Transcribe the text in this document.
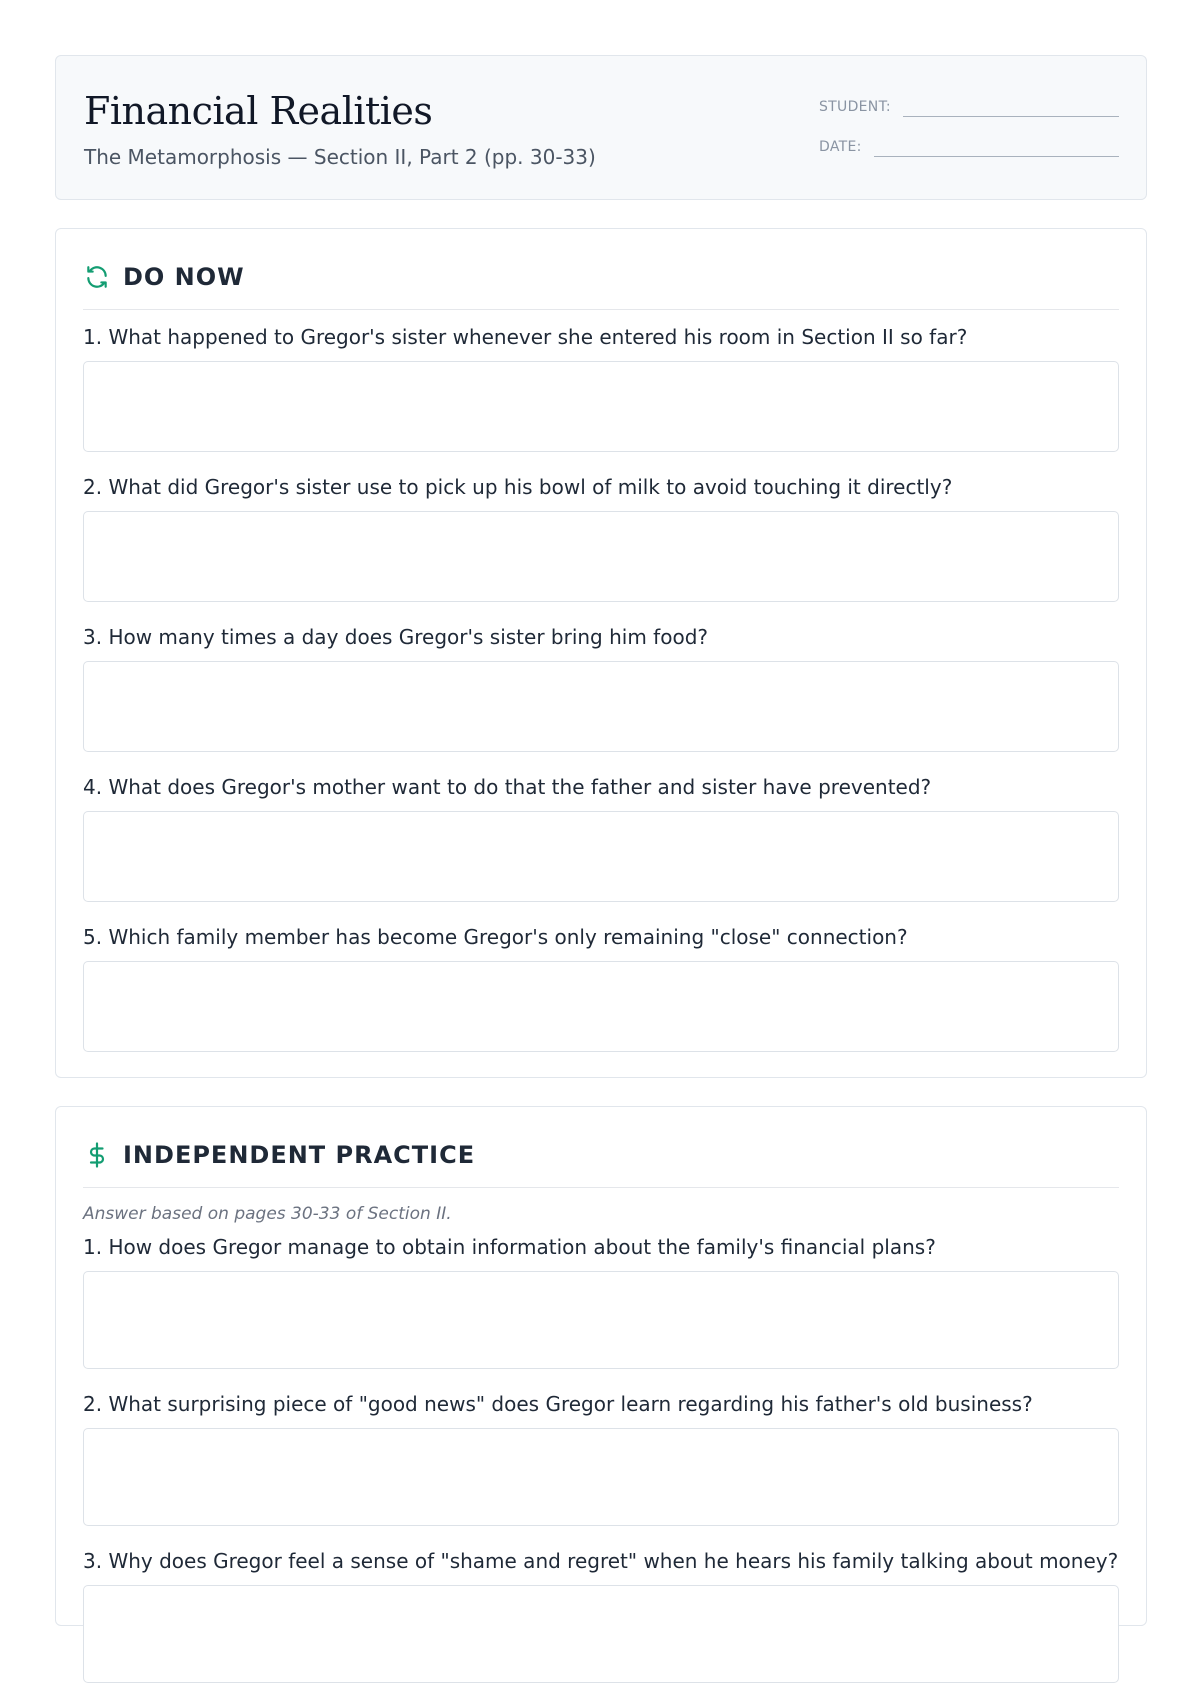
Financial Realities

The Metamorphosis — Section II, Part 2 (pp. 30-33)

STUDENT:
DATE:
DO NOW
1. What happened to Gregor's sister whenever she entered his room in Section II so far?
2. What did Gregor's sister use to pick up his bowl of milk to avoid touching it directly?
3. How many times a day does Gregor's sister bring him food?
4. What does Gregor's mother want to do that the father and sister have prevented?
5. Which family member has become Gregor's only remaining "close" connection?
INDEPENDENT PRACTICE
Answer based on pages 30-33 of Section II.
1. How does Gregor manage to obtain information about the family's financial plans?
2. What surprising piece of "good news" does Gregor learn regarding his father's old business?
3. Why does Gregor feel a sense of "shame and regret" when he hears his family talking about money?
